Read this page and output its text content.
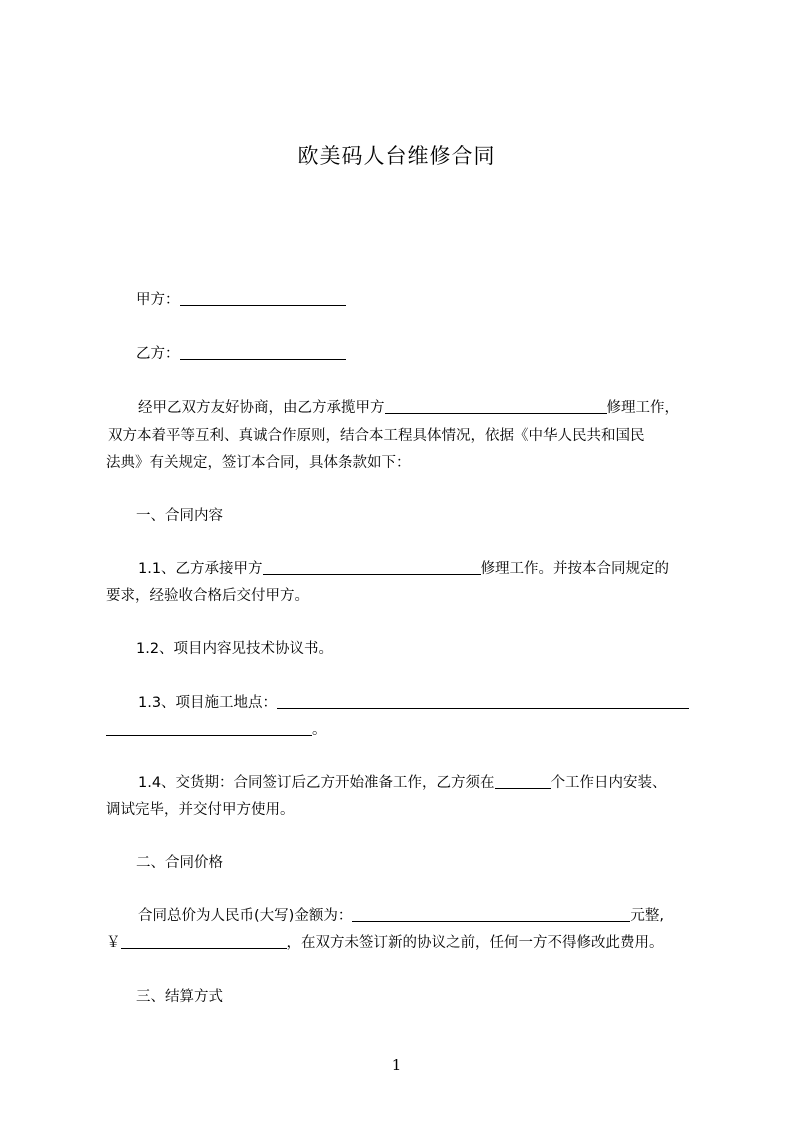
欧美码人台维修合同
甲方：
乙方：
经甲乙双方友好协商，由乙方承揽甲方	修理工作，
双方本着平等互利、真诚合作原则，结合本工程具体情况，依据《中华人民共和国民
法典》有关规定，签订本合同，具体条款如下：
一、合同内容
1.1、乙方承接甲方	修理工作。并按本合同规定的
要求，经验收合格后交付甲方。
1.2、项目内容见技术协议书。
1.3、项目施工地点：
。
1.4、交货期：合同签订后乙方开始准备工作，乙方须在	个工作日内安装、
调试完毕，并交付甲方使用。
二、合同价格
合同总价为人民币(大写)金额为：	元整,
￥	，在双方未签订新的协议之前，任何一方不得修改此费用。
三、结算方式
1
